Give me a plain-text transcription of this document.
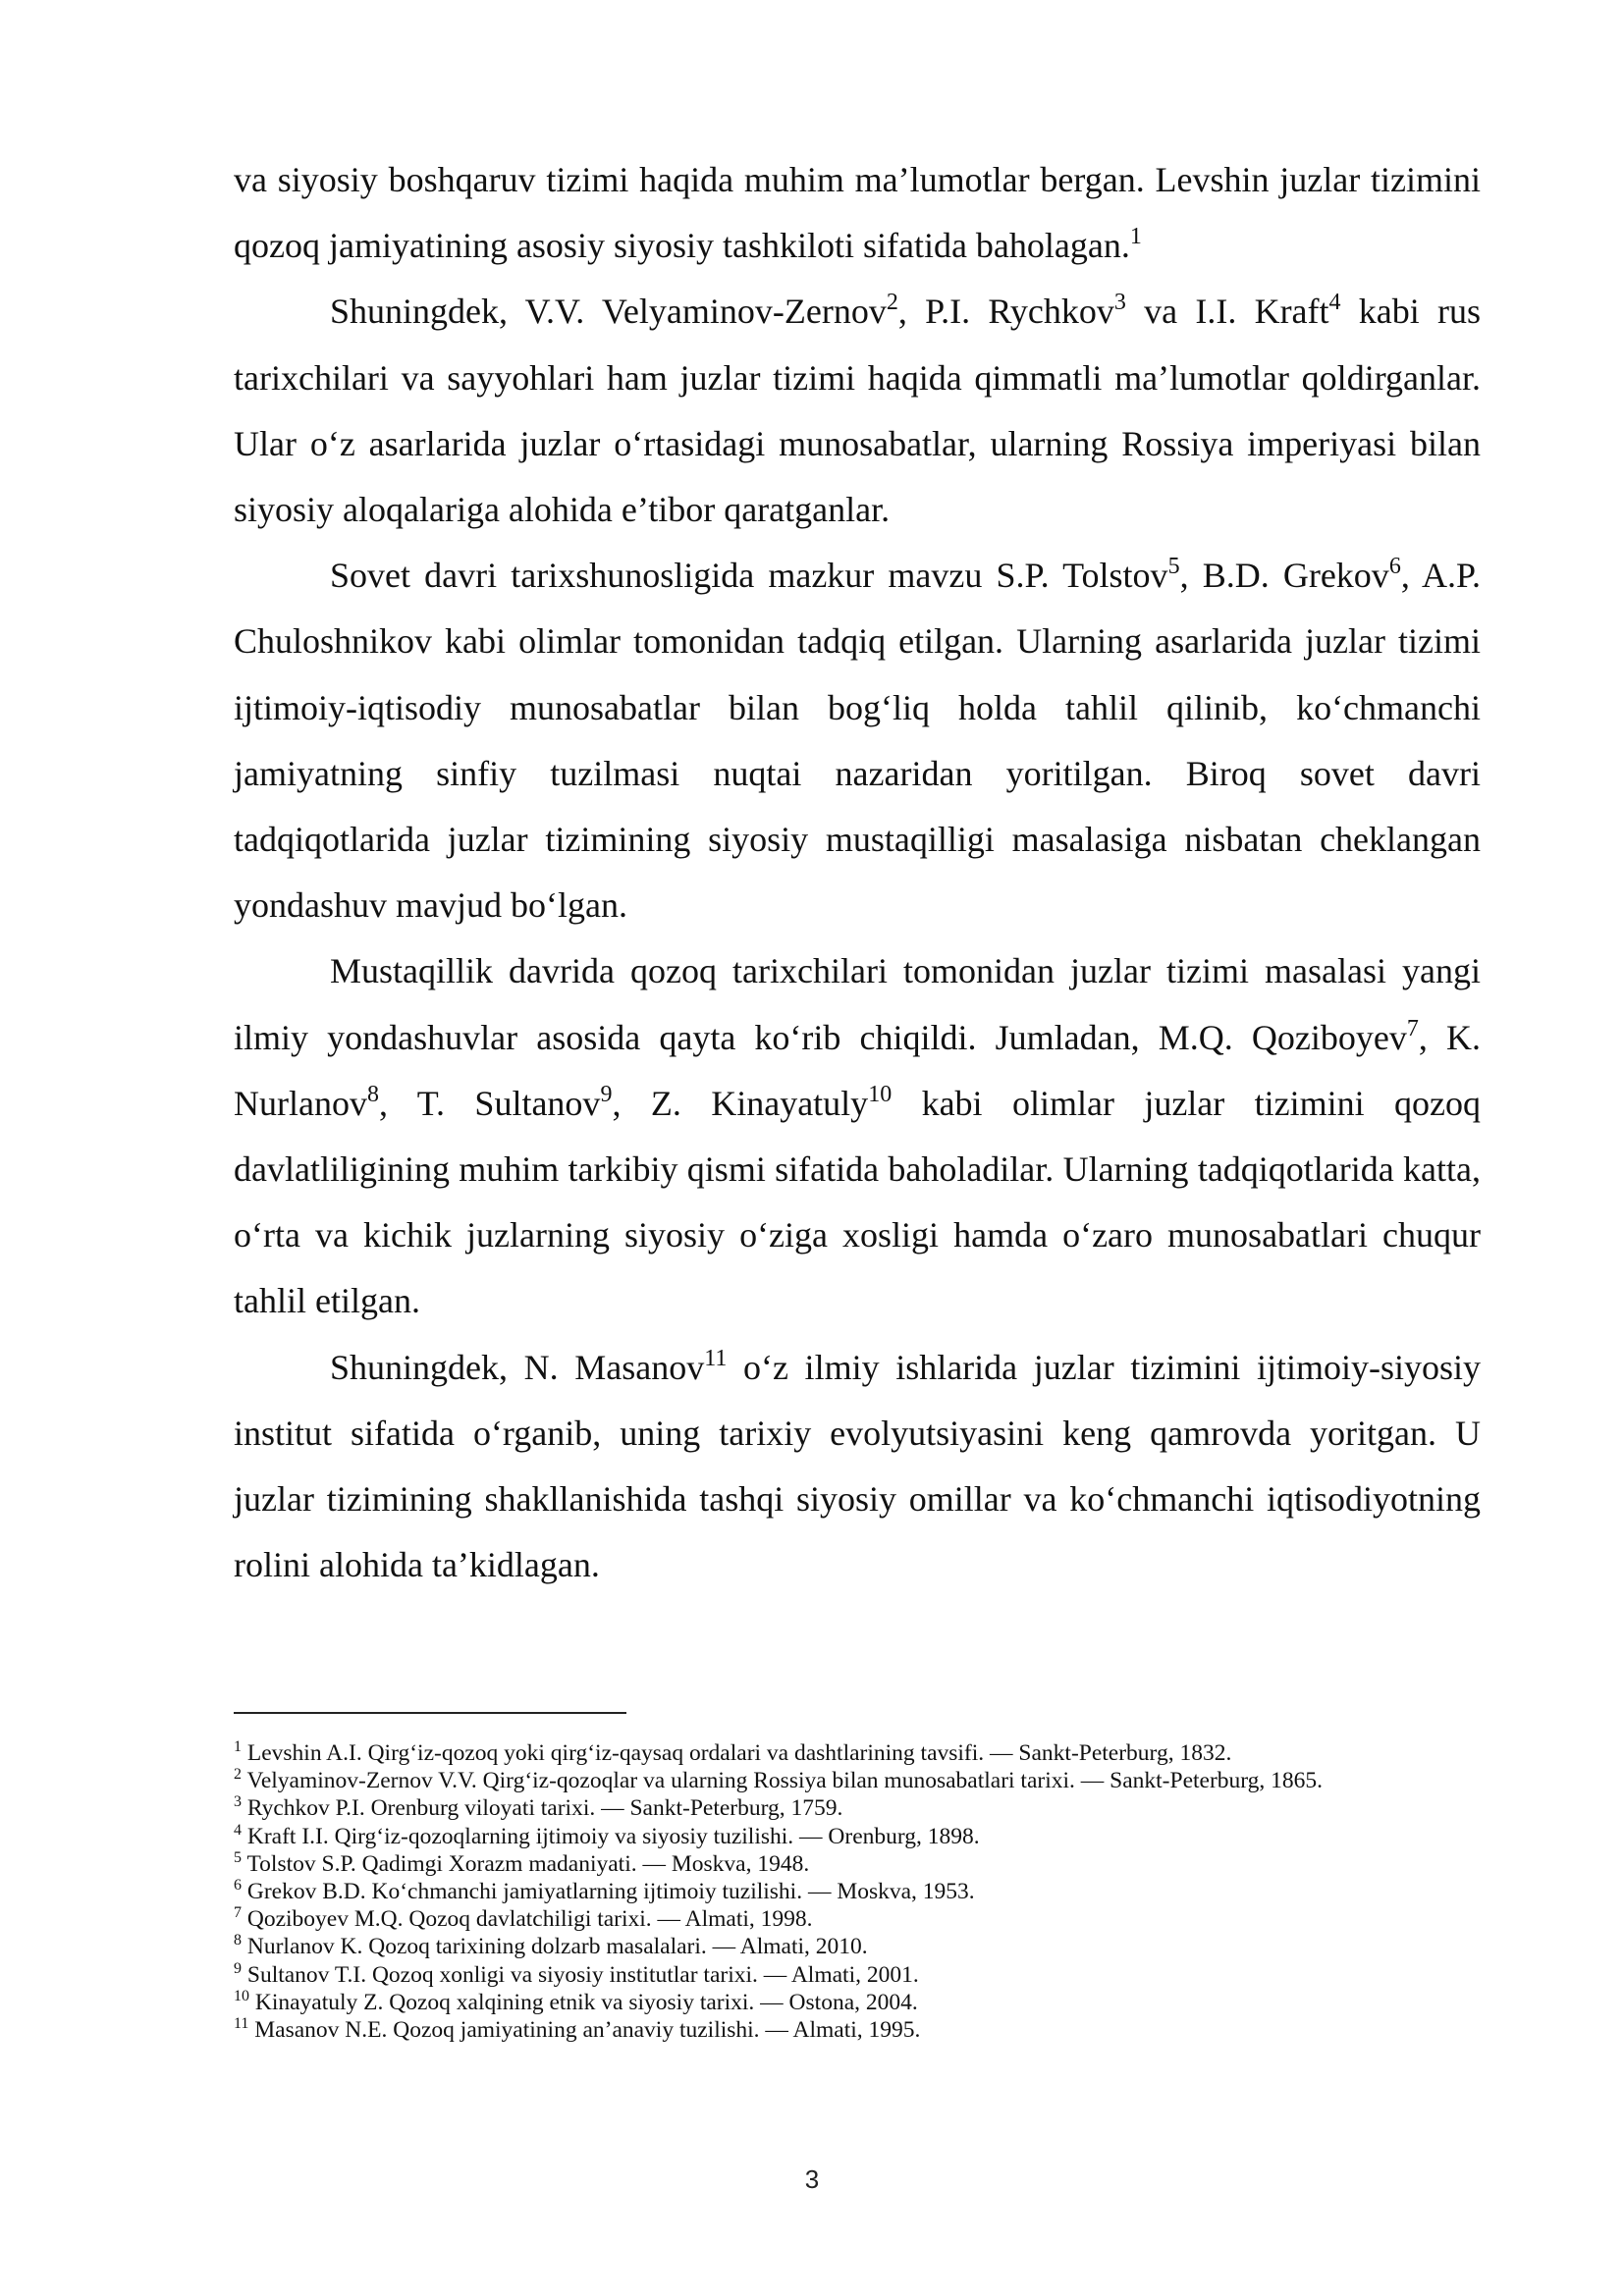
va siyosiy boshqaruv tizimi haqida muhim ma’lumotlar bergan. Levshin juzlar tizimini qozoq jamiyatining asosiy siyosiy tashkiloti sifatida baholagan.$^1$

Shuningdek, V.V. Velyaminov-Zernov$^2$, P.I. Rychkov$^3$ va I.I. Kraft$^4$ kabi rus tarixchilari va sayyohlari ham juzlar tizimi haqida qimmatli ma’lumotlar qoldirganlar. Ular o‘z asarlarida juzlar o‘rtasidagi munosabatlar, ularning Rossiya imperiyasi bilan siyosiy aloqalariga alohida e’tibor qaratganlar.

Sovet davri tarixshunosligida mazkur mavzu S.P. Tolstov$^5$, B.D. Grekov$^6$, A.P. Chuloshnikov kabi olimlar tomonidan tadqiq etilgan. Ularning asarlarida juzlar tizimi ijtimoiy-iqtisodiy munosabatlar bilan bog‘liq holda tahlil qilinib, ko‘chmanchi jamiyatning sinfiy tuzilmasi nuqtai nazaridan yoritilgan. Biroq sovet davri tadqiqotlarida juzlar tizimining siyosiy mustaqilligi masalasiga nisbatan cheklangan yondashuv mavjud bo‘lgan.

Mustaqillik davrida qozoq tarixchilari tomonidan juzlar tizimi masalasi yangi ilmiy yondashuvlar asosida qayta ko‘rib chiqildi. Jumladan, M.Q. Qoziboyev$^7$, K. Nurlanov$^8$, T. Sultanov$^9$, Z. Kinayatuly$^{10}$ kabi olimlar juzlar tizimini qozoq davlatliligining muhim tarkibiy qismi sifatida baholadilar. Ularning tadqiqotlarida katta, o‘rta va kichik juzlarning siyosiy o‘ziga xosligi hamda o‘zaro munosabatlari chuqur tahlil etilgan.

Shuningdek, N. Masanov$^{11}$ o‘z ilmiy ishlarida juzlar tizimini ijtimoiy-siyosiy institut sifatida o‘rganib, uning tarixiy evolyutsiyasini keng qamrovda yoritgan. U juzlar tizimining shakllanishida tashqi siyosiy omillar va ko‘chmanchi iqtisodiyotning rolini alohida ta’kidlagan.

$^1$ Levshin A.I. Qirg‘iz-qozoq yoki qirg‘iz-qaysaq ordalari va dashtlarining tavsifi. — Sankt-Peterburg, 1832.

$^2$ Velyaminov-Zernov V.V. Qirg‘iz-qozoqlar va ularning Rossiya bilan munosabatlari tarixi. — Sankt-Peterburg, 1865.

$^3$ Rychkov P.I. Orenburg viloyati tarixi. — Sankt-Peterburg, 1759.

$^4$ Kraft I.I. Qirg‘iz-qozoqlarning ijtimoiy va siyosiy tuzilishi. — Orenburg, 1898.

$^5$ Tolstov S.P. Qadimgi Xorazm madaniyati. — Moskva, 1948.

$^6$ Grekov B.D. Ko‘chmanchi jamiyatlarning ijtimoiy tuzilishi. — Moskva, 1953.

$^7$ Qoziboyev M.Q. Qozoq davlatchiligi tarixi. — Almati, 1998.

$^8$ Nurlanov K. Qozoq tarixining dolzarb masalalari. — Almati, 2010.

$^9$ Sultanov T.I. Qozoq xonligi va siyosiy institutlar tarixi. — Almati, 2001.

$^{10}$ Kinayatuly Z. Qozoq xalqining etnik va siyosiy tarixi. — Ostona, 2004.

$^{11}$ Masanov N.E. Qozoq jamiyatining an’anaviy tuzilishi. — Almati, 1995.

3
